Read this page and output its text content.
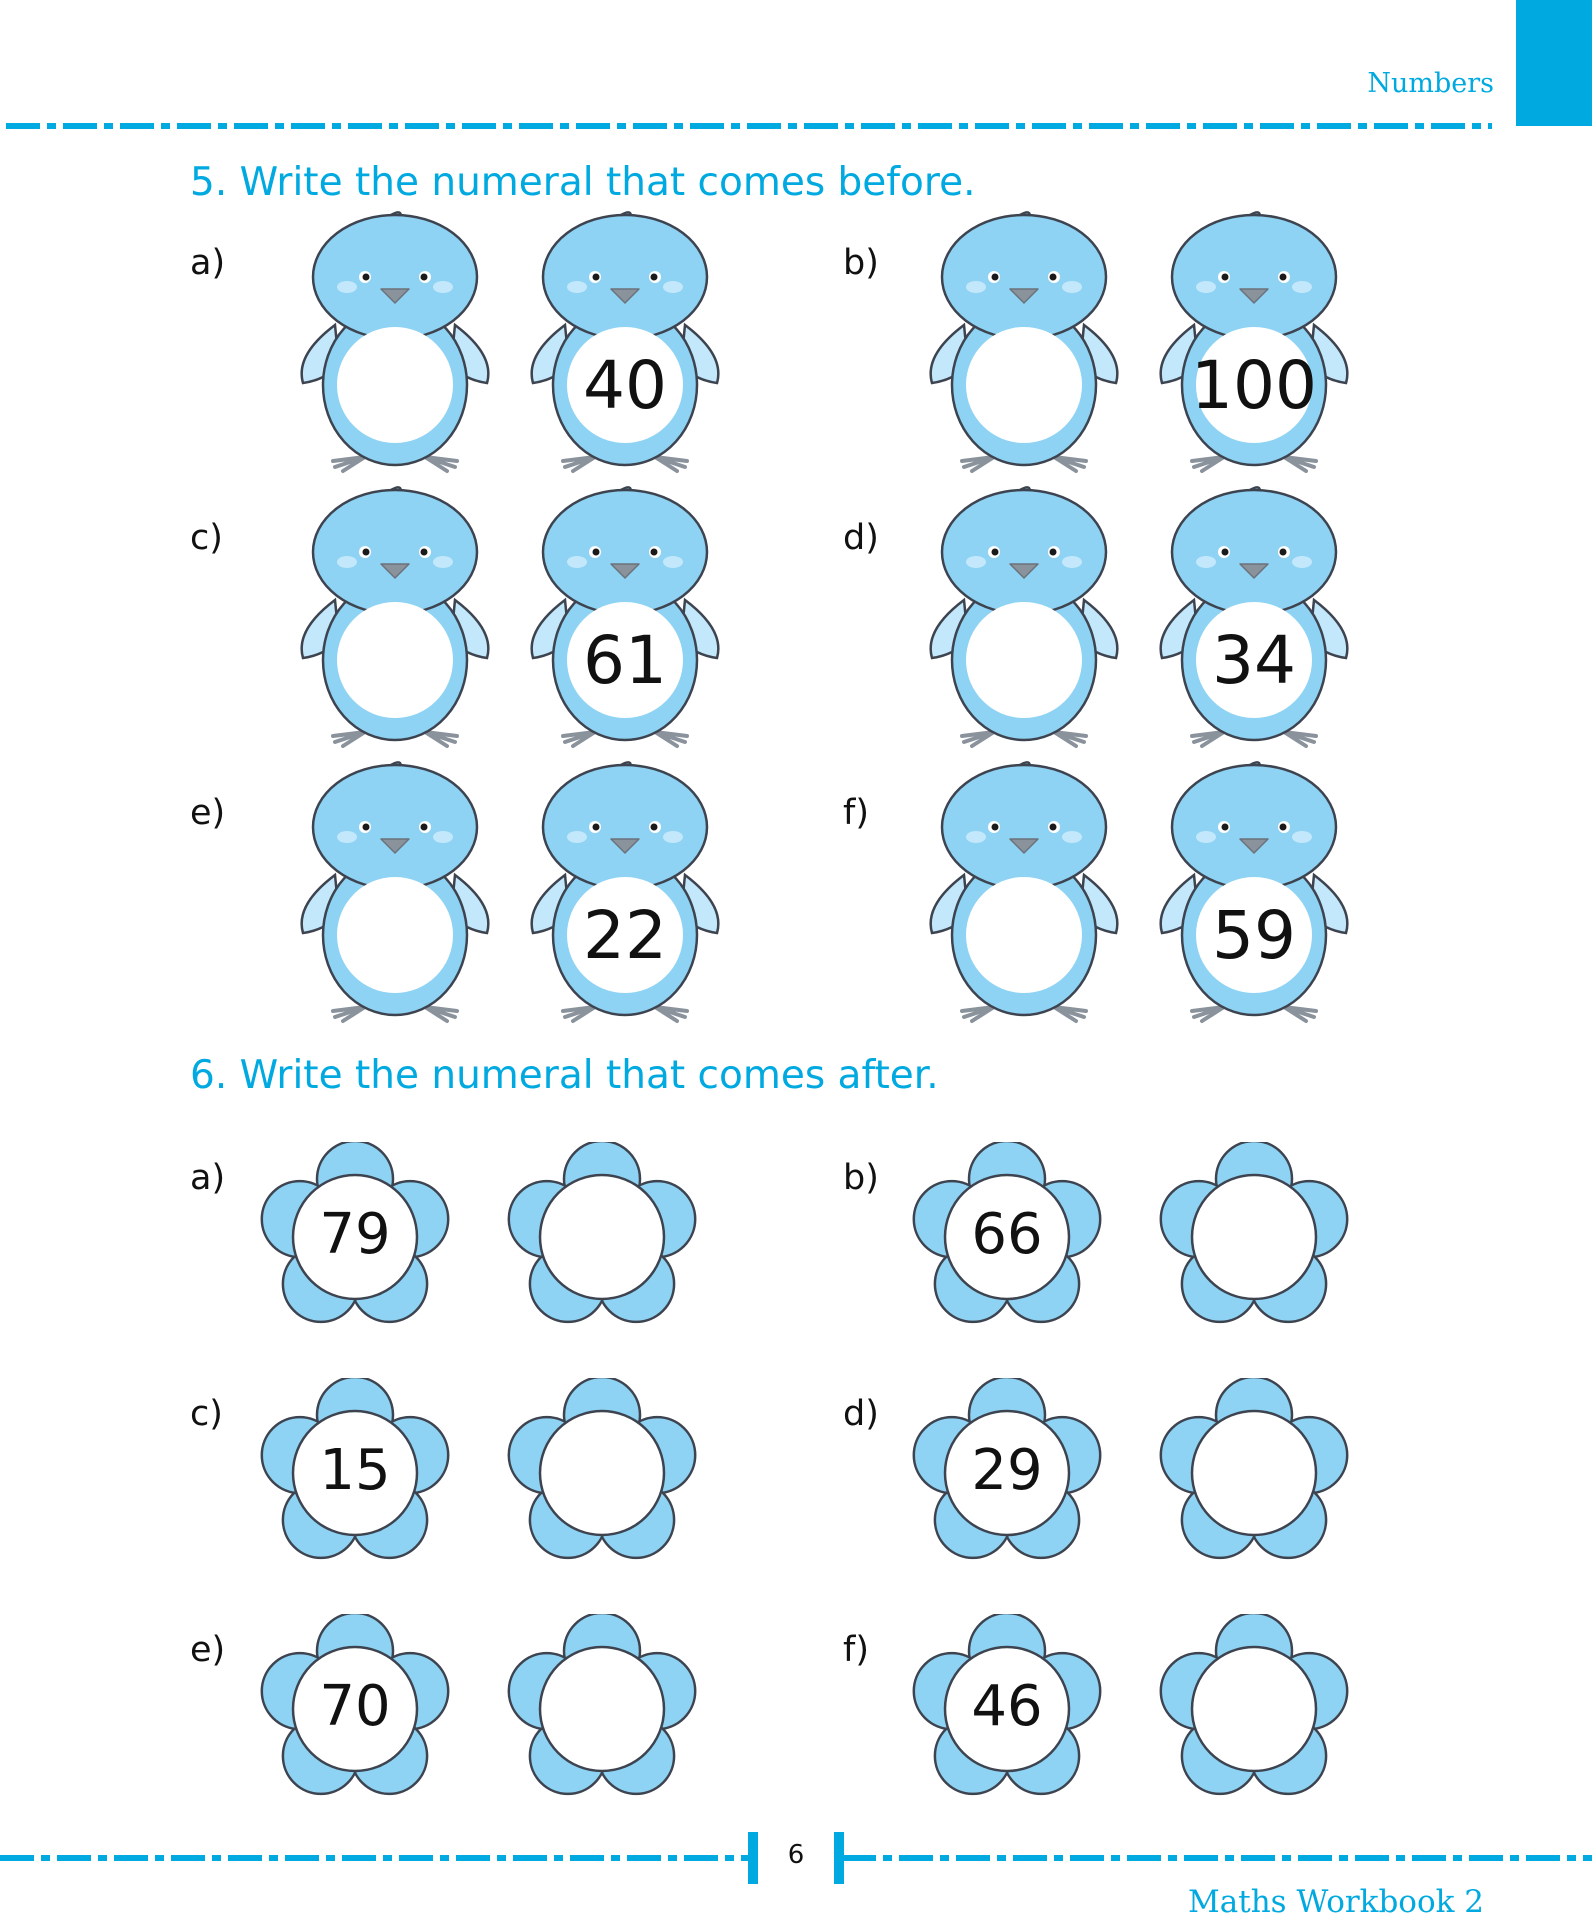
Numbers
5. Write the numeral that comes before.
a)
40
b)
100
c)
61
d)
34
e)
22
f)
59
6. Write the numeral that comes after.
a)
79
b)
66
c)
15
d)
29
e)
70
f)
46
6
Maths Workbook 2
